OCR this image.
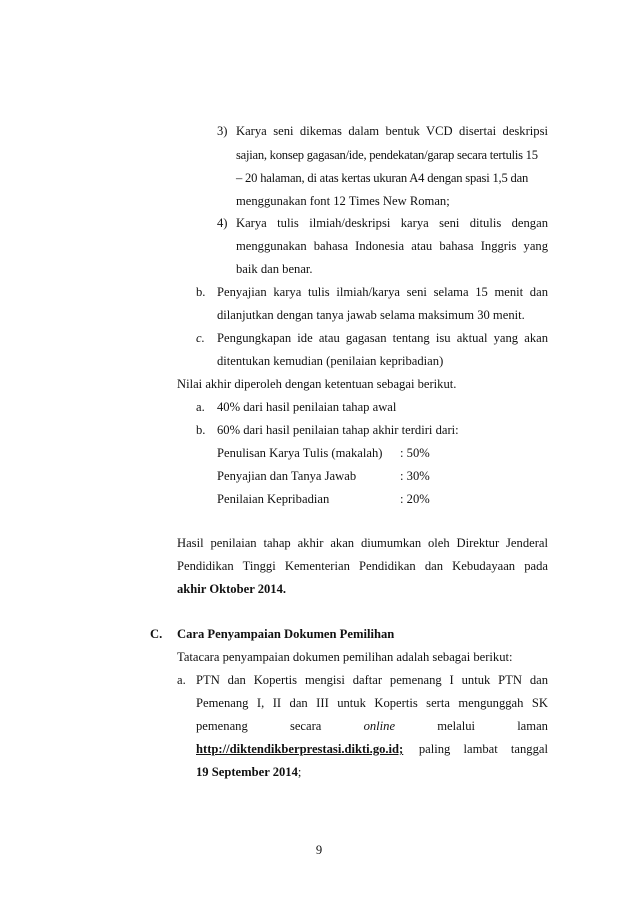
3) Karya seni dikemas dalam bentuk VCD disertai deskripsi
sajian, konsep gagasan/ide, pendekatan/garap secara tertulis 15
– 20 halaman, di atas kertas ukuran A4 dengan spasi 1,5 dan
menggunakan font 12 Times New Roman;
4) Karya tulis ilmiah/deskripsi karya seni ditulis dengan
menggunakan bahasa Indonesia atau bahasa Inggris yang
baik dan benar.
b. Penyajian karya tulis ilmiah/karya seni selama 15 menit dan
dilanjutkan dengan tanya jawab selama maksimum 30 menit.
c. Pengungkapan ide atau gagasan tentang isu aktual yang akan
ditentukan kemudian (penilaian kepribadian)
Nilai akhir diperoleh dengan ketentuan sebagai berikut.
a. 40% dari hasil penilaian tahap awal
b. 60% dari hasil penilaian tahap akhir terdiri dari:
Penulisan Karya Tulis (makalah) : 50%
Penyajian dan Tanya Jawab	: 30%
Penilaian Kepribadian	: 20%
Hasil penilaian tahap akhir akan diumumkan oleh Direktur Jenderal
Pendidikan Tinggi Kementerian Pendidikan dan Kebudayaan pada
akhir Oktober 2014.
C. Cara Penyampaian Dokumen Pemilihan
Tatacara penyampaian dokumen pemilihan adalah sebagai berikut:
a. PTN dan Kopertis mengisi daftar pemenang I untuk PTN dan
Pemenang I, II dan III untuk Kopertis serta mengunggah SK
pemenang	secara	online	melalui	laman
http://diktendikberprestasi.dikti.go.id; paling lambat tanggal
19 September 2014;
9
